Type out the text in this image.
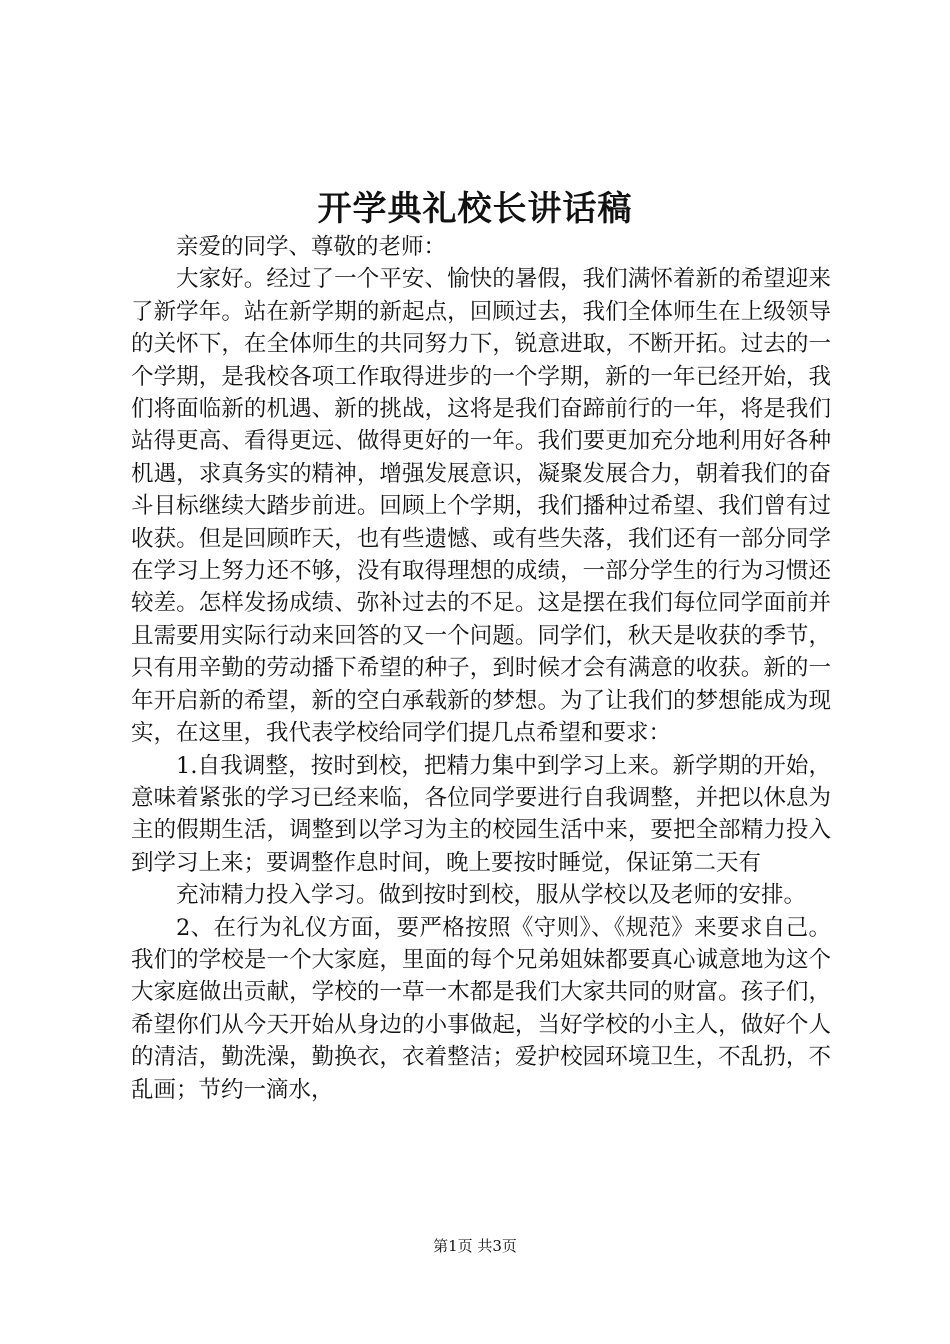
开学典礼校长讲话稿

亲爱的同学、尊敬的老师：

大家好。经过了一个平安、愉快的暑假，我们满怀着新的希望迎来了新学年。站在新学期的新起点，回顾过去，我们全体师生在上级领导的关怀下，在全体师生的共同努力下，锐意进取，不断开拓。过去的一个学期，是我校各项工作取得进步的一个学期，新的一年已经开始，我们将面临新的机遇、新的挑战，这将是我们奋蹄前行的一年，将是我们站得更高、看得更远、做得更好的一年。我们要更加充分地利用好各种机遇，求真务实的精神，增强发展意识，凝聚发展合力，朝着我们的奋斗目标继续大踏步前进。回顾上个学期，我们播种过希望、我们曾有过收获。但是回顾昨天，也有些遗憾、或有些失落，我们还有一部分同学在学习上努力还不够，没有取得理想的成绩，一部分学生的行为习惯还较差。怎样发扬成绩、弥补过去的不足。这是摆在我们每位同学面前并且需要用实际行动来回答的又一个问题。同学们，秋天是收获的季节，只有用辛勤的劳动播下希望的种子，到时候才会有满意的收获。新的一年开启新的希望，新的空白承载新的梦想。为了让我们的梦想能成为现实，在这里，我代表学校给同学们提几点希望和要求：

1.自我调整，按时到校，把精力集中到学习上来。新学期的开始，意味着紧张的学习已经来临，各位同学要进行自我调整，并把以休息为主的假期生活，调整到以学习为主的校园生活中来，要把全部精力投入到学习上来；要调整作息时间，晚上要按时睡觉，保证第二天有

充沛精力投入学习。做到按时到校，服从学校以及老师的安排。

2、在行为礼仪方面，要严格按照《守则》、《规范》来要求自己。我们的学校是一个大家庭，里面的每个兄弟姐妹都要真心诚意地为这个大家庭做出贡献，学校的一草一木都是我们大家共同的财富。孩子们，希望你们从今天开始从身边的小事做起，当好学校的小主人，做好个人的清洁，勤洗澡，勤换衣，衣着整洁；爱护校园环境卫生，不乱扔，不乱画；节约一滴水，

第1页 共3页
